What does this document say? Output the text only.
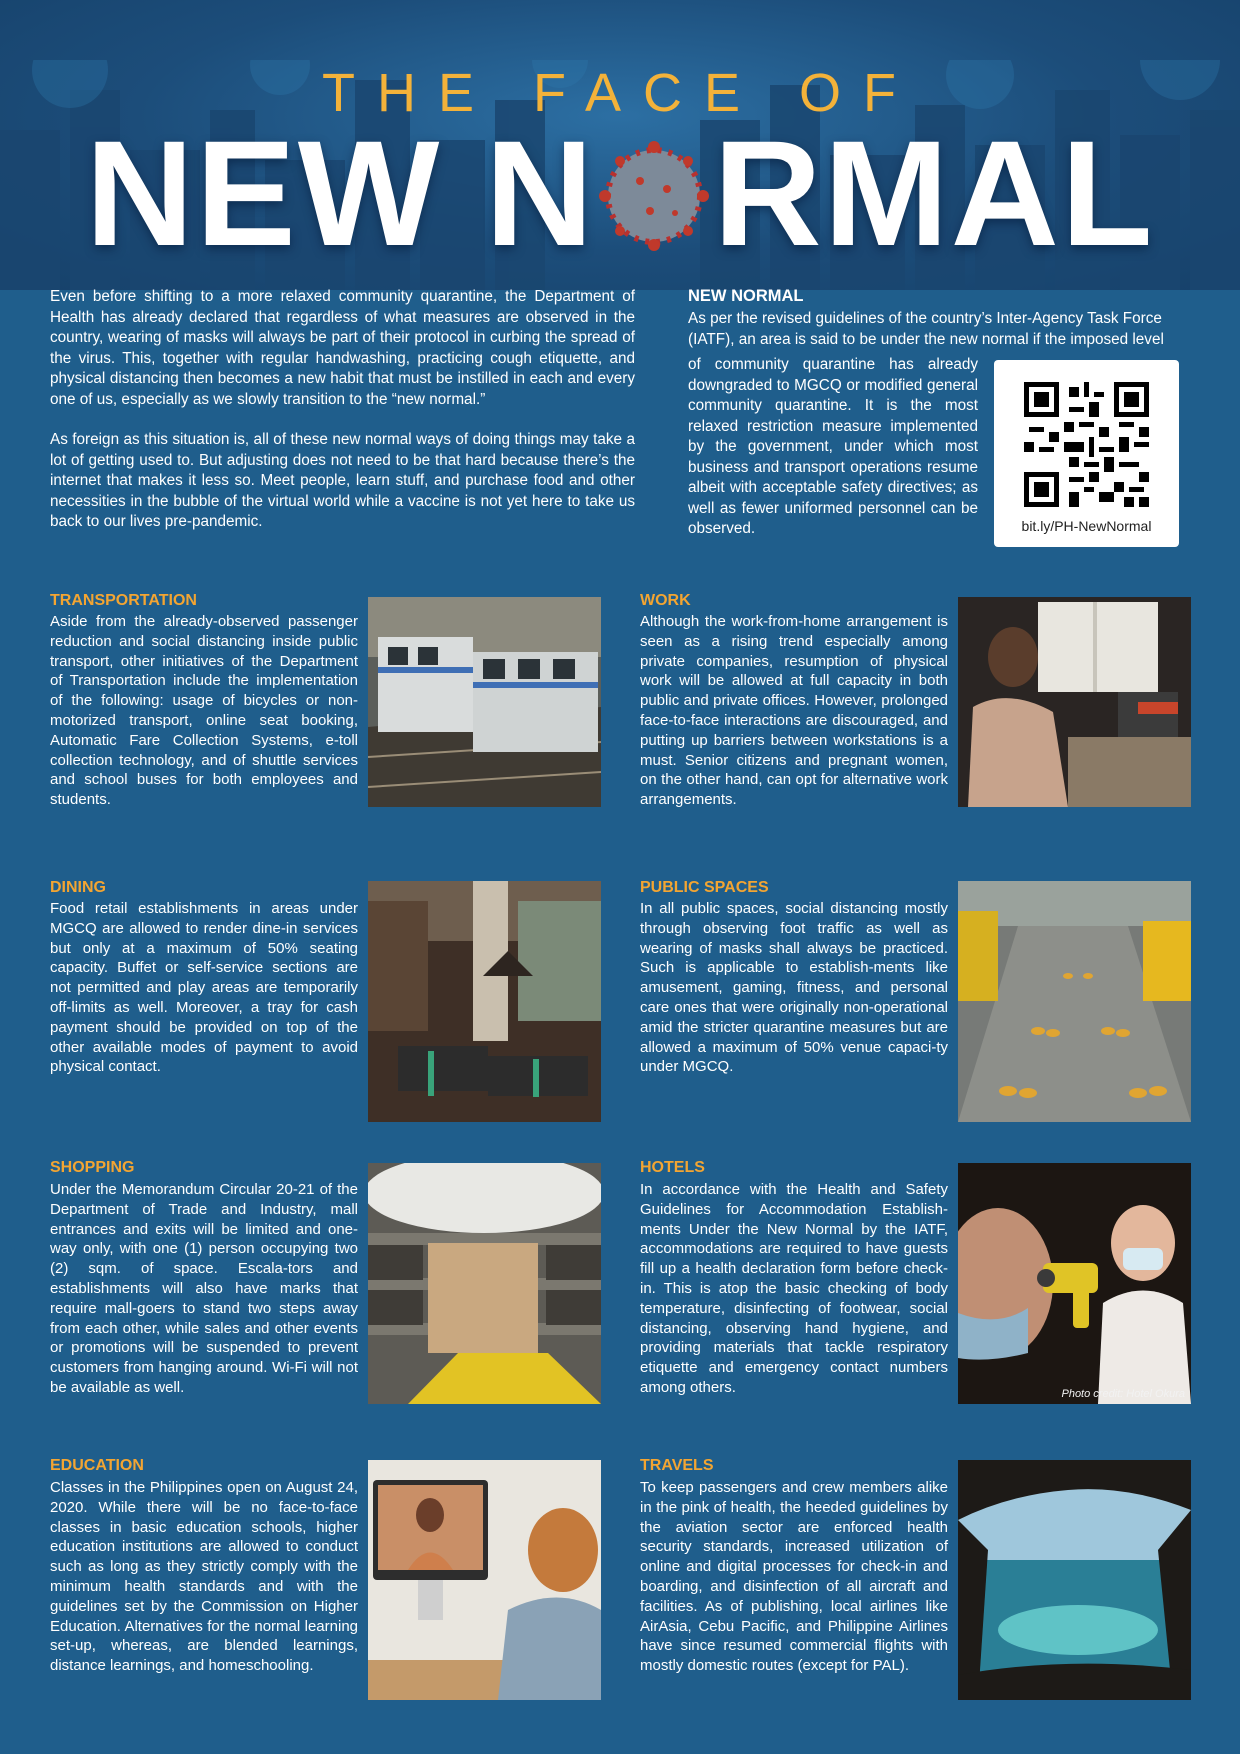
THE FACE OF
NEW N RMAL

Even before shifting to a more relaxed community quarantine, the Department of Health has already declared that regardless of what measures are observed in the country, wearing of masks will always be part of their protocol in curbing the spread of the virus. This, together with regular handwashing, practicing cough etiquette, and physical distancing then becomes a new habit that must be instilled in each and every one of us, especially as we slowly transition to the “new normal.”

As foreign as this situation is, all of these new normal ways of doing things may take a lot of getting used to. But adjusting does not need to be that hard because there’s the internet that makes it less so. Meet people, learn stuff, and purchase food and other necessities in the bubble of the virtual world while a vaccine is not yet here to take us back to our lives pre-pandemic.

NEW NORMAL
As per the revised guidelines of the country’s Inter-Agency Task Force (IATF), an area is said to be under the new normal if the imposed level
of community quarantine has already downgraded to MGCQ or modified general community quarantine. It is the most relaxed restriction measure implemented by the government, under which most business and transport operations resume albeit with acceptable safety directives; as well as fewer uniformed personnel can be observed.	bit.ly/PH-NewNormal
TRANSPORTATION
Aside from the already-observed passenger reduction and social distancing inside public transport, other initiatives of the Department of Transportation include the implementation of the following: usage of bicycles or non-motorized transport, online seat booking, Automatic Fare Collection Systems, e-toll collection technology, and of shuttle services and school buses for both employees and students.
WORK
Although the work-from-home arrangement is seen as a rising trend especially among private companies, resumption of physical work will be allowed at full capacity in both public and private offices. However, prolonged face-to-face interactions are discouraged, and putting up barriers between workstations is a must. Senior citizens and pregnant women, on the other hand, can opt for alternative work arrangements.
DINING
Food retail establishments in areas under MGCQ are allowed to render dine-in services but only at a maximum of 50% seating capacity. Buffet or self-service sections are not permitted and play areas are temporarily off-limits as well. Moreover, a tray for cash payment should be provided on top of the other available modes of payment to avoid physical contact.
PUBLIC SPACES
In all public spaces, social distancing mostly through observing foot traffic as well as wearing of masks shall always be practiced. Such is applicable to establish-ments like amusement, gaming, fitness, and personal care ones that were originally non-operational amid the stricter quarantine measures but are allowed a maximum of 50% venue capaci-ty under MGCQ.
SHOPPING
Under the Memorandum Circular 20-21 of the Department of Trade and Industry, mall entrances and exits will be limited and one-way only, with one (1) person occupying two (2) sqm. of space. Escala-tors and establishments will also have marks that require mall-goers to stand two steps away from each other, while sales and other events or promotions will be suspended to prevent customers from hanging around. Wi-Fi will not be available as well.
HOTELS
In accordance with the Health and Safety Guidelines for Accommodation Establish-ments Under the New Normal by the IATF, accommodations are required to have guests fill up a health declaration form before check-in. This is atop the basic checking of body temperature, disinfecting of footwear, social distancing, observing hand hygiene, and providing materials that tackle respiratory etiquette and emergency contact numbers among others.	Photo credit: Hotel Okura
EDUCATION
Classes in the Philippines open on August 24, 2020. While there will be no face-to-face classes in basic education schools, higher education institutions are allowed to conduct such as long as they strictly comply with the minimum health standards and with the guidelines set by the Commission on Higher Education. Alternatives for the normal learning set-up, whereas, are blended learnings, distance learnings, and homeschooling.
TRAVELS
To keep passengers and crew members alike in the pink of health, the heeded guidelines by the aviation sector are enforced health security standards, increased utilization of online and digital processes for check-in and boarding, and disinfection of all aircraft and facilities. As of publishing, local airlines like AirAsia, Cebu Pacific, and Philippine Airlines have since resumed commercial flights with mostly domestic routes (except for PAL).
